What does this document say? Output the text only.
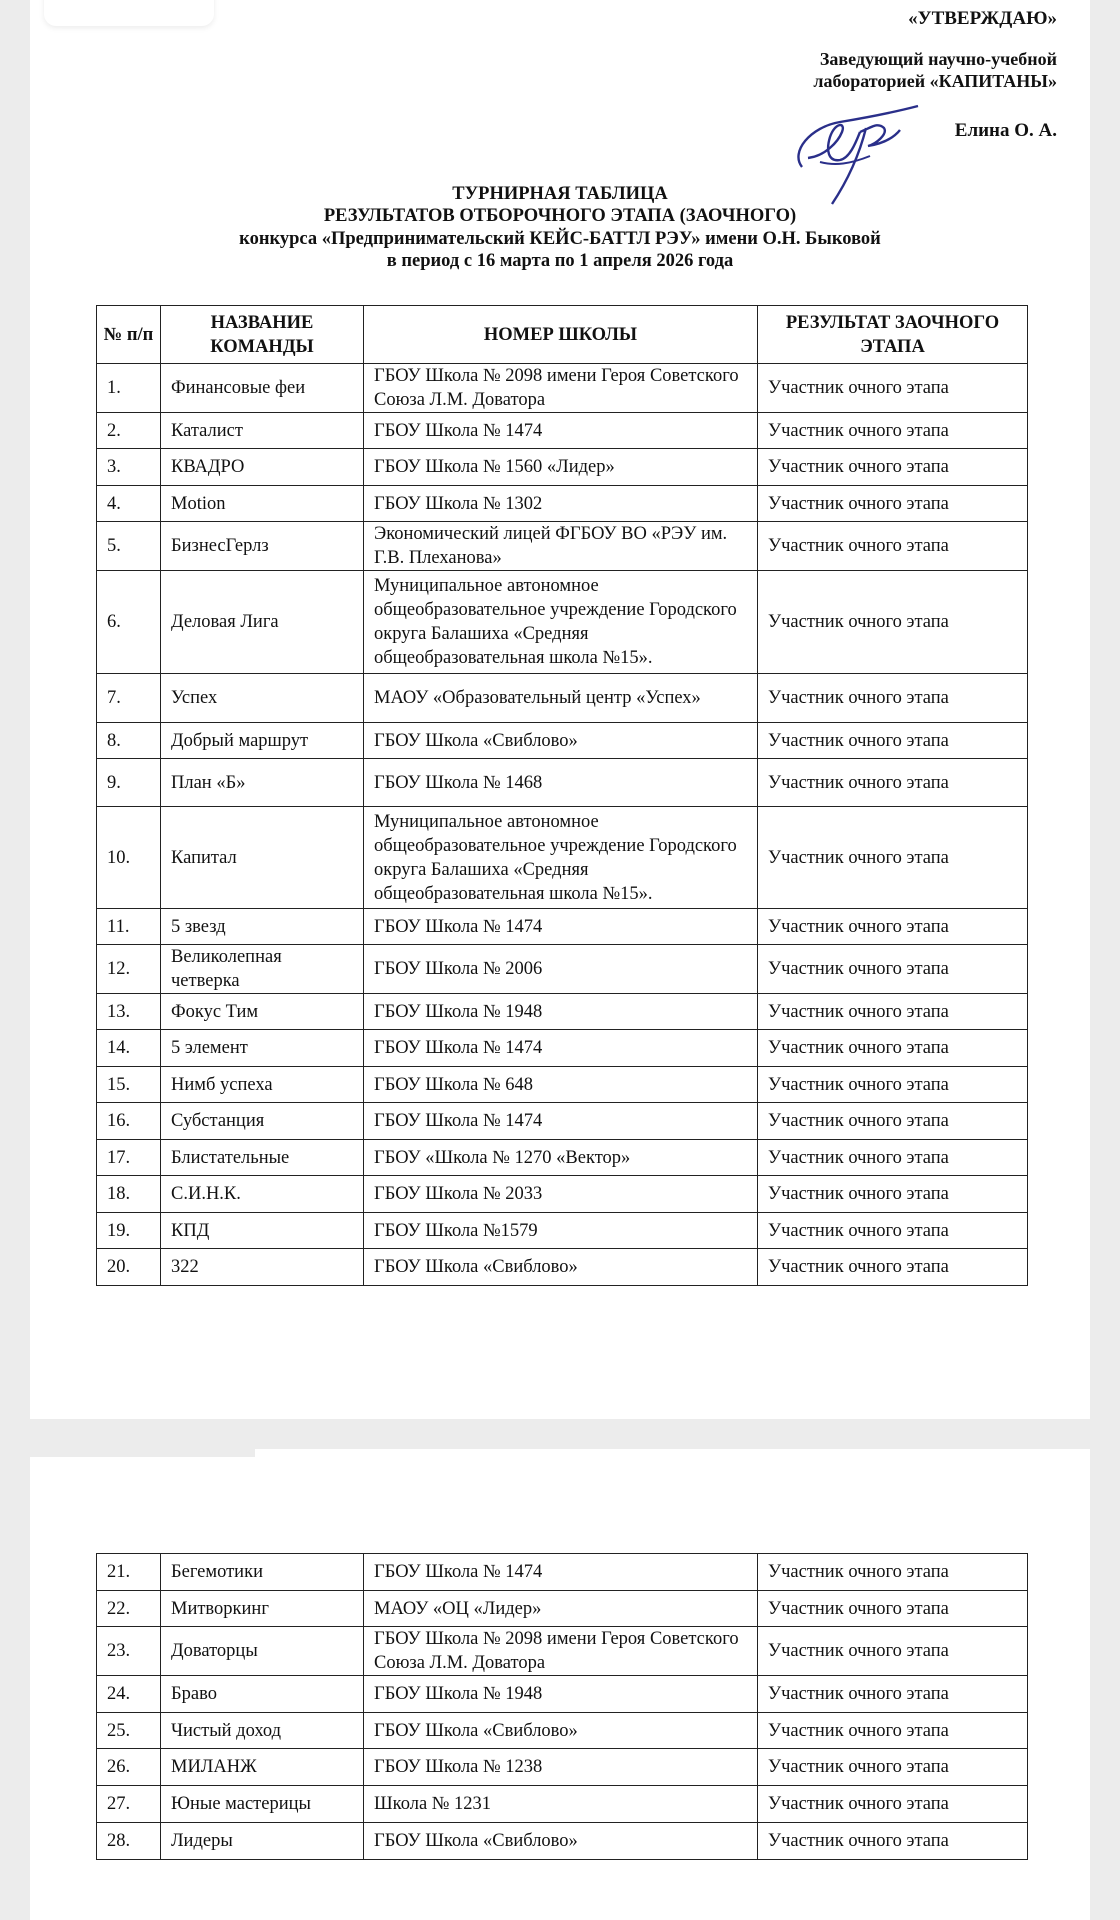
«УТВЕРЖДАЮ»
Заведующий научно-учебной
лабораторией «КАПИТАНЫ»
Елина О. А.
ТУРНИРНАЯ ТАБЛИЦА
РЕЗУЛЬТАТОВ ОТБОРОЧНОГО ЭТАПА (ЗАОЧНОГО)
конкурса «Предпринимательский КЕЙС-БАТТЛ РЭУ» имени О.Н. Быковой
в период с 16 марта по 1 апреля 2026 года
№ п/п	НАЗВАНИЕ КОМАНДЫ	НОМЕР ШКОЛЫ	РЕЗУЛЬТАТ ЗАОЧНОГО ЭТАПА
1.	Финансовые феи	ГБОУ Школа № 2098 имени Героя Советского Союза Л.М. Доватора	Участник очного этапа
2.	Каталист	ГБОУ Школа № 1474	Участник очного этапа
3.	КВАДРО	ГБОУ Школа № 1560 «Лидер»	Участник очного этапа
4.	Motion	ГБОУ Школа № 1302	Участник очного этапа
5.	БизнесГерлз	Экономический лицей ФГБОУ ВО «РЭУ им. Г.В. Плеханова»	Участник очного этапа
6.	Деловая Лига	Муниципальное автономное общеобразовательное учреждение Городского округа Балашиха «Средняя общеобразовательная школа №15».	Участник очного этапа
7.	Успех	МАОУ «Образовательный центр «Успех»	Участник очного этапа
8.	Добрый маршрут	ГБОУ Школа «Свиблово»	Участник очного этапа
9.	План «Б»	ГБОУ Школа № 1468	Участник очного этапа
10.	Капитал	Муниципальное автономное общеобразовательное учреждение Городского округа Балашиха «Средняя общеобразовательная школа №15».	Участник очного этапа
11.	5 звезд	ГБОУ Школа № 1474	Участник очного этапа
12.	Великолепная четверка	ГБОУ Школа № 2006	Участник очного этапа
13.	Фокус Тим	ГБОУ Школа № 1948	Участник очного этапа
14.	5 элемент	ГБОУ Школа № 1474	Участник очного этапа
15.	Нимб успеха	ГБОУ Школа № 648	Участник очного этапа
16.	Субстанция	ГБОУ Школа № 1474	Участник очного этапа
17.	Блистательные	ГБОУ «Школа № 1270 «Вектор»	Участник очного этапа
18.	С.И.Н.К.	ГБОУ Школа № 2033	Участник очного этапа
19.	КПД	ГБОУ Школа №1579	Участник очного этапа
20.	322	ГБОУ Школа «Свиблово»	Участник очного этапа
21.	Бегемотики	ГБОУ Школа № 1474	Участник очного этапа
22.	Митворкинг	МАОУ «ОЦ «Лидер»	Участник очного этапа
23.	Доваторцы	ГБОУ Школа № 2098 имени Героя Советского Союза Л.М. Доватора	Участник очного этапа
24.	Браво	ГБОУ Школа № 1948	Участник очного этапа
25.	Чистый доход	ГБОУ Школа «Свиблово»	Участник очного этапа
26.	МИЛАНЖ	ГБОУ Школа № 1238	Участник очного этапа
27.	Юные мастерицы	Школа № 1231	Участник очного этапа
28.	Лидеры	ГБОУ Школа «Свиблово»	Участник очного этапа
